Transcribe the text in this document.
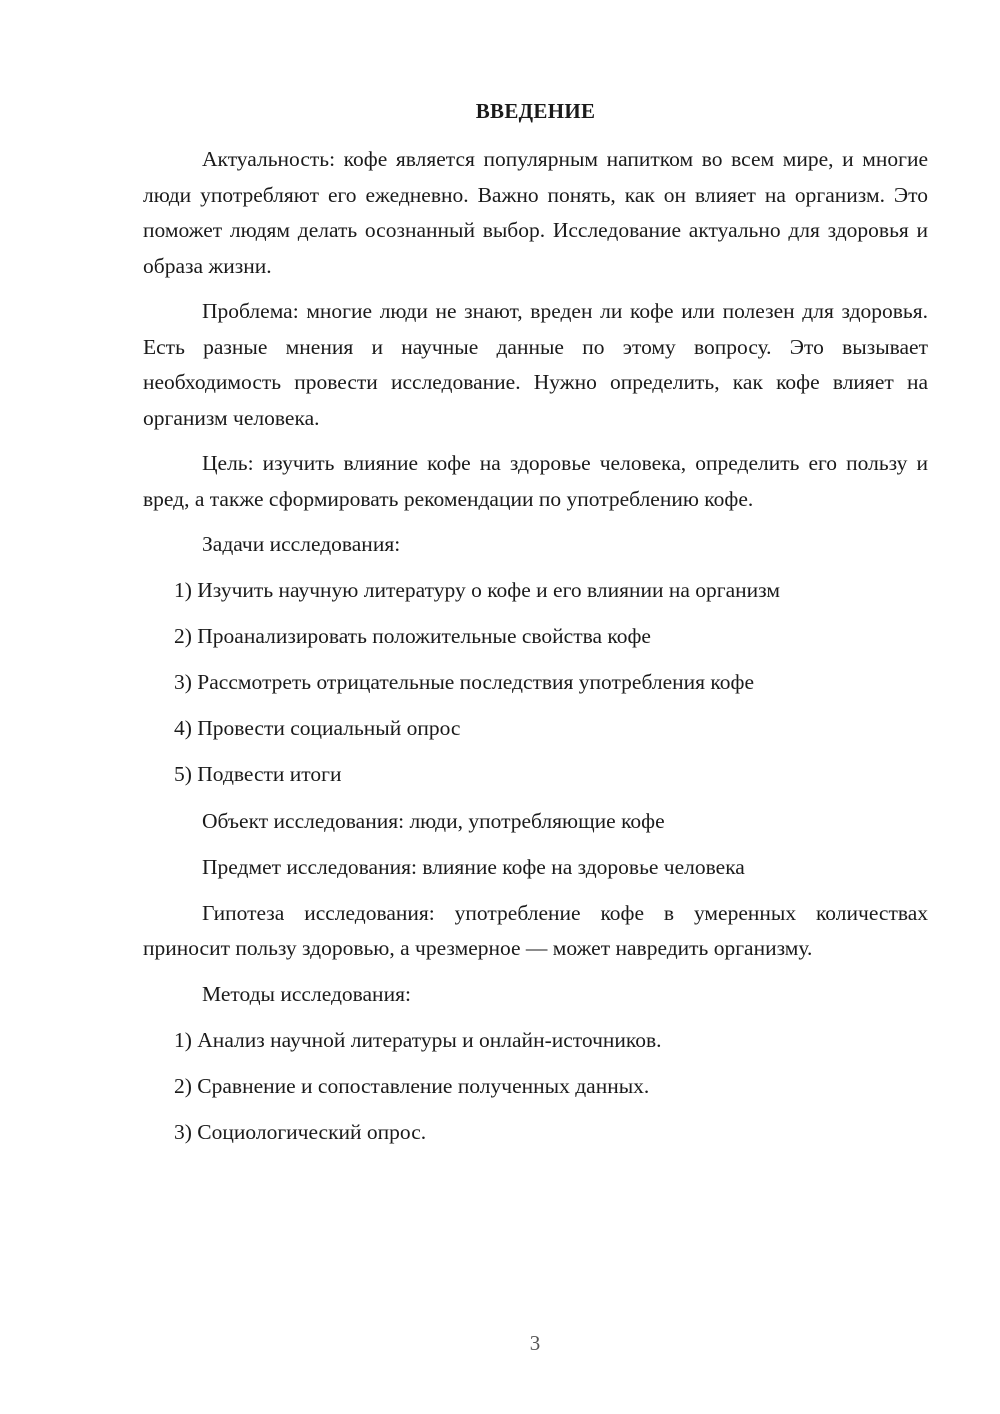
ВВЕДЕНИЕ

Актуальность: кофе является популярным напитком во всем мире, и многие люди употребляют его ежедневно. Важно понять, как он влияет на организм. Это поможет людям делать осознанный выбор. Исследование актуально для здоровья и образа жизни.

Проблема: многие люди не знают, вреден ли кофе или полезен для здоровья. Есть разные мнения и научные данные по этому вопросу. Это вызывает необходимость провести исследование. Нужно определить, как кофе влияет на организм человека.

Цель: изучить влияние кофе на здоровье человека, определить его пользу и вред, а также сформировать рекомендации по употреблению кофе.

Задачи исследования:
1) Изучить научную литературу о кофе и его влиянии на организм
2) Проанализировать положительные свойства кофе
3) Рассмотреть отрицательные последствия употребления кофе
4) Провести социальный опрос
5) Подвести итоги
Объект исследования: люди, употребляющие кофе
Предмет исследования: влияние кофе на здоровье человека

Гипотеза исследования: употребление кофе в умеренных количествах приносит пользу здоровью, а чрезмерное — может навредить организму.

Методы исследования:
1) Анализ научной литературы и онлайн-источников.
2) Сравнение и сопоставление полученных данных.
3) Социологический опрос.
3
